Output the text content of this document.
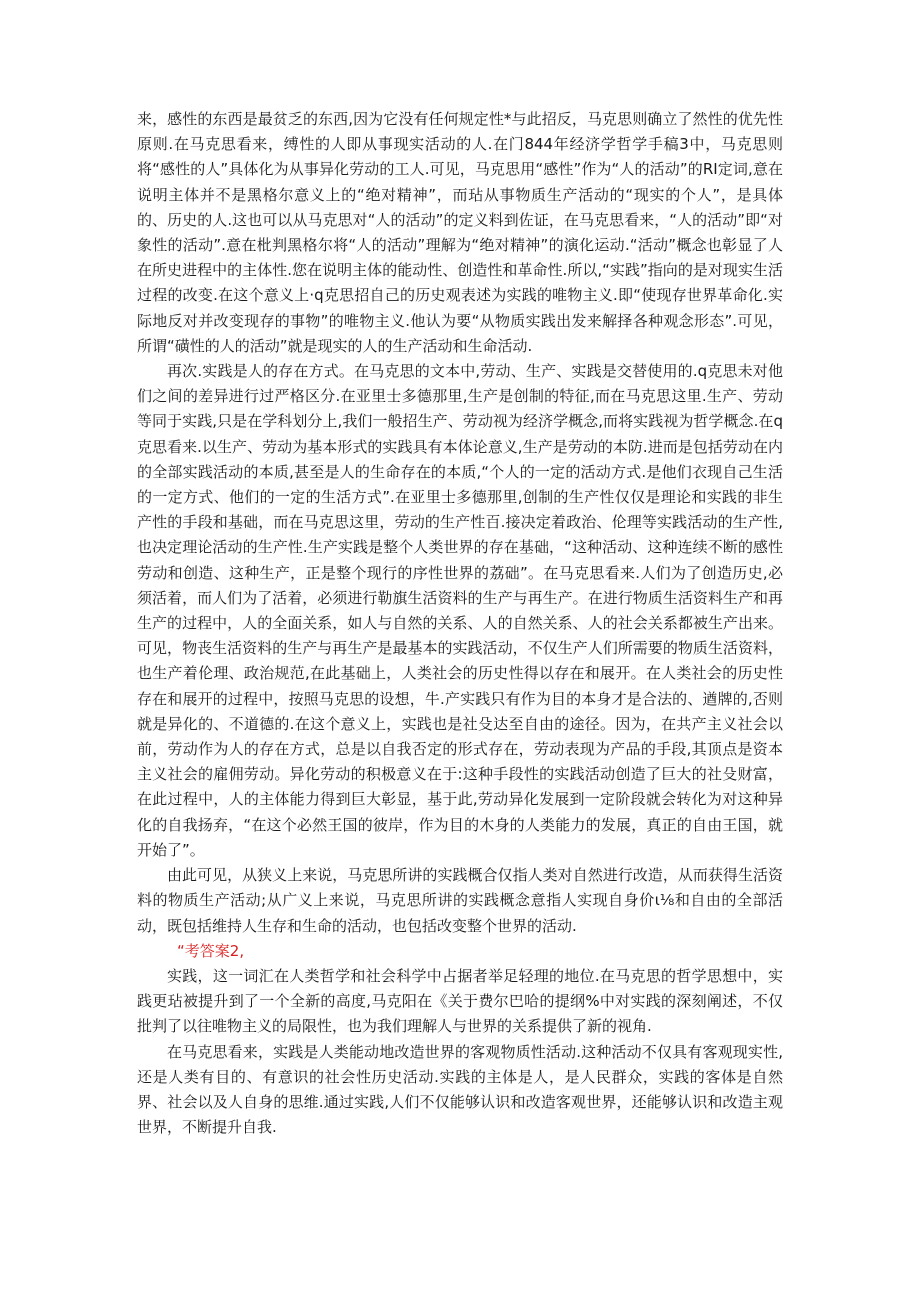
来，感性的东西是最贫乏的东西,因为它没有任何规定性*与此招反，马克思则确立了然性的优先性原则.在马克思看来，缚性的人即从事现实活动的人.在门844年经济学哲学手稿3中，马克思则将“感性的人”具体化为从事异化劳动的工人.可见，马克思用“感性”作为“人的活动”的RI定词,意在说明主体并不是黑格尔意义上的“绝对精神”，而玷从事物质生产活动的“现实的个人”，是具体的、历史的人.这也可以从马克思对“人的活动”的定义料到佐证，在马克思看来，“人的活动”即“对象性的活动”.意在枇判黑格尔将“人的活动”理解为“绝对精神”的演化运动.“活动”概念也彰显了人在所史进程中的主体性.您在说明主体的能动性、创造性和革命性.所以,“实践”指向的是对现实生活过程的改变.在这个意义上·q克思招自己的历史观表述为实践的唯物主义.即“使现存世界革命化.实际地反对并改变现存的事物”的唯物主义.他认为要“从物质实践出发来解择各种观念形态”.可见，所谓“磺性的人的活动”就是现实的人的生产活动和生命活动.

再次.实践是人的存在方式。在马克思的文本中,劳动、生产、实践是交替使用的.q克思未对他们之间的差异进行过严格区分.在亚里士多德那里,生产是创制的特征,而在马克思这里.生产、劳动等同于实践,只是在学科划分上,我们一般招生产、劳动视为经济学概念,而将实践视为哲学概念.在q克思看来.以生产、劳动为基本形式的实践具有本体论意义,生产是劳动的本防.进而是包括劳动在内的全部实践活动的本质,甚至是人的生命存在的本质,“个人的一定的活动方式.是他们衣现自己生活的一定方式、他们的一定的生活方式”.在亚里士多德那里,创制的生产性仅仅是理论和实践的非生产性的手段和基础，而在马克思这里，劳动的生产性百.接决定着政治、伦理等实践活动的生产性,也决定理论活动的生产性.生产实践是整个人类世界的存在基础，“这种活动、这种连续不断的感性劳动和创造、这种生产，正是整个现行的序性世界的荔础”。在马克思看来.人们为了创造历史,必须活着，而人们为了活着，必须进行勒旗生活资料的生产与再生产。在进行物质生活资料生产和再生产的过程中，人的全面关系，如人与自然的关系、人的自然关系、人的社会关系都被生产出来。可见，物丧生活资料的生产与再生产是最基本的实践活动，不仅生产人们所需要的物质生活资料，也生产着伦理、政治规范,在此基础上，人类社会的历史性得以存在和展开。在人类社会的历史性存在和展开的过程中，按照马克思的设想，牛.产实践只有作为目的本身才是合法的、遒牌的,否则就是异化的、不道德的.在这个意义上，实践也是社殳达至自由的途径。因为，在共产主义社会以前，劳动作为人的存在方式，总是以自我否定的形式存在，劳动表现为产品的手段,其顶点是资本主义社会的雇佣劳动。异化劳动的积极意义在于:这种手段性的实践活动创造了巨大的社殳财富，在此过程中，人的主体能力得到巨大彰显，基于此,劳动异化发展到一定阶段就会转化为对这种异化的自我扬弃，“在这个必然王国的彼岸，作为目的木身的人类能力的发展，真正的自由王国，就开始了”。

由此可见，从狭义上来说，马克思所讲的实践概合仅指人类对自然进行改造，从而获得生活资料的物质生产活动;从广义上来说，马克思所讲的实践概念意指人实现自身价ι⅛和自由的全部活动，既包括维持人生存和生命的活动，也包括改变整个世界的活动.

“考答案2,

实践，这一词汇在人类哲学和社会科学中占据者举足轻理的地位.在马克思的哲学思想中，实践更玷被提升到了一个全新的高度,马克阳在《关于费尔巴哈的提纲%中对实践的深刻阐述，不仅批判了以往唯物主义的局限性，也为我们理解人与世界的关系提供了新的视角.

在马克思看来，实践是人类能动地改造世界的客观物质性活动.这种活动不仅具有客观现实性,还是人类有目的、有意识的社会性历史活动.实践的主体是人，是人民群众，实践的客体是自然界、社会以及人自身的思维.通过实践,人们不仅能够认识和改造客观世界，还能够认识和改造主观世界，不断提升自我.
